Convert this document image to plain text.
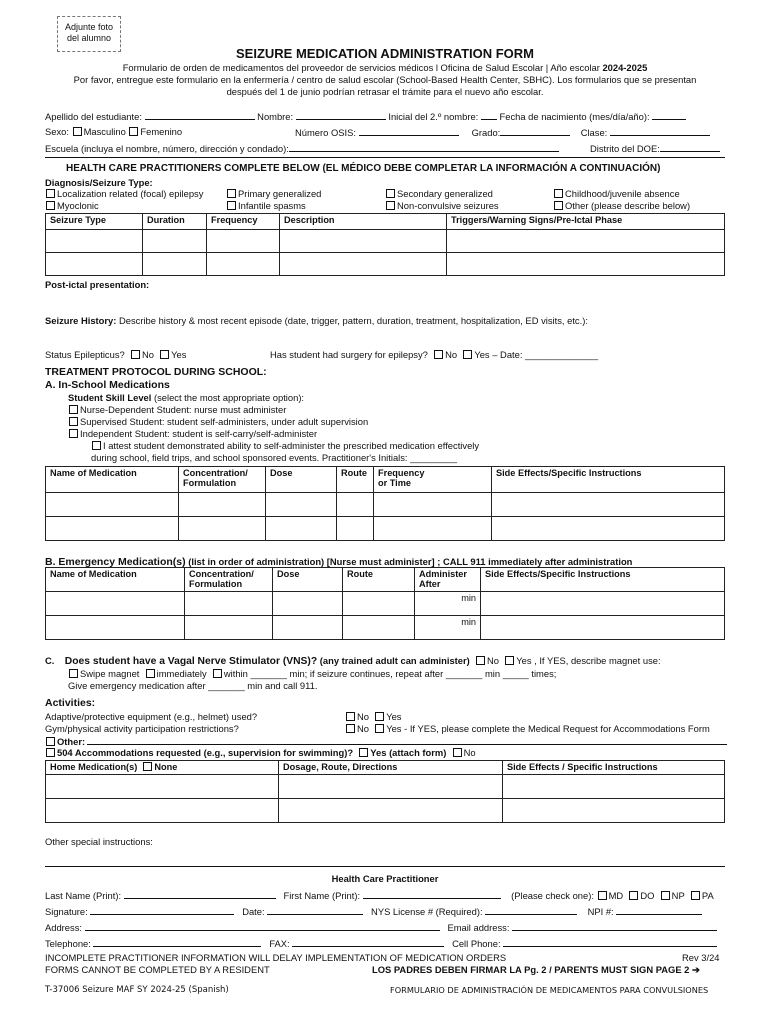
Adjunte foto
del alumno
SEIZURE MEDICATION ADMINISTRATION FORM
Formulario de orden de medicamentos del proveedor de servicios médicos l Oficina de Salud Escolar | Año escolar 2024-2025
Por favor, entregue este formulario en la enfermería / centro de salud escolar (School-Based Health Center, SBHC). Los formularios que se presentan
después del 1 de junio podrían retrasar el trámite para el nuevo año escolar.
Apellido del estudiante:	Nombre:	Inicial del 2.º nombre: Fecha de nacimiento (mes/día/año):
Sexo: Masculino Femenino	Número OSIS:	Grado:	Clase:
Escuela (incluya el nombre, número, dirección y condado):	Distrito del DOE:
HEALTH CARE PRACTITIONERS COMPLETE BELOW (EL MÉDICO DEBE COMPLETAR LA INFORMACIÓN A CONTINUACIÓN)
Diagnosis/Seizure Type:
Localization related (focal) epilepsy	Primary generalized	Secondary generalized	Childhood/juvenile absence
Myoclonic	Infantile spasms	Non-convulsive seizures	Other (please describe below)
Seizure Type	Duration	Frequency	Description	Triggers/Warning Signs/Pre-Ictal Phase

Post-ictal presentation:
Seizure History: Describe history & most recent episode (date, trigger, pattern, duration, treatment, hospitalization, ED visits, etc.):
Status Epilepticus? No Yes	Has student had surgery for epilepsy? No Yes – Date: ______________
TREATMENT PROTOCOL DURING SCHOOL:
A. In-School Medications
Student Skill Level (select the most appropriate option):
Nurse-Dependent Student: nurse must administer
Supervised Student: student self-administers, under adult supervision
Independent Student: student is self-carry/self-administer
I attest student demonstrated ability to self-administer the prescribed medication effectively
during school, field trips, and school sponsored events. Practitioner's Initials: _________
Name of Medication	Concentration/
Formulation	Dose	Route	Frequency
or Time	Side Effects/Specific Instructions

B. Emergency Medication(s) (list in order of administration) [Nurse must administer] ; CALL 911 immediately after administration
Name of Medication	Concentration/
Formulation	Dose	Route	Administer
After	Side Effects/Specific Instructions
				min	
				min	
C. Does student have a Vagal Nerve Stimulator (VNS)? (any trained adult can administer) No Yes , If YES, describe magnet use:
Swipe magnet immediately within _______ min; if seizure continues, repeat after _______ min _____ times;
Give emergency medication after _______ min and call 911.
Activities:
Adaptive/protective equipment (e.g., helmet) used?	No Yes
Gym/physical activity participation restrictions?	No Yes - If YES, please complete the Medical Request for Accommodations Form
Other:
504 Accommodations requested (e.g., supervision for swimming)? Yes (attach form) No
Home Medication(s) None	Dosage, Route, Directions	Side Effects / Specific Instructions

Other special instructions:
Health Care Practitioner
Last Name (Print):	First Name (Print):	(Please check one): MD DO NP PA
Signature:	Date:	NYS License # (Required):	NPI #:
Address:	Email address:
Telephone:	FAX:	Cell Phone:
INCOMPLETE PRACTITIONER INFORMATION WILL DELAY IMPLEMENTATION OF MEDICATION ORDERS	Rev 3/24
FORMS CANNOT BE COMPLETED BY A RESIDENT	LOS PADRES DEBEN FIRMAR LA Pg. 2 / PARENTS MUST SIGN PAGE 2 ➔
T-37006 Seizure MAF SY 2024-25 (Spanish)	FORMULARIO DE ADMINISTRACIÓN DE MEDICAMENTOS PARA CONVULSIONES
